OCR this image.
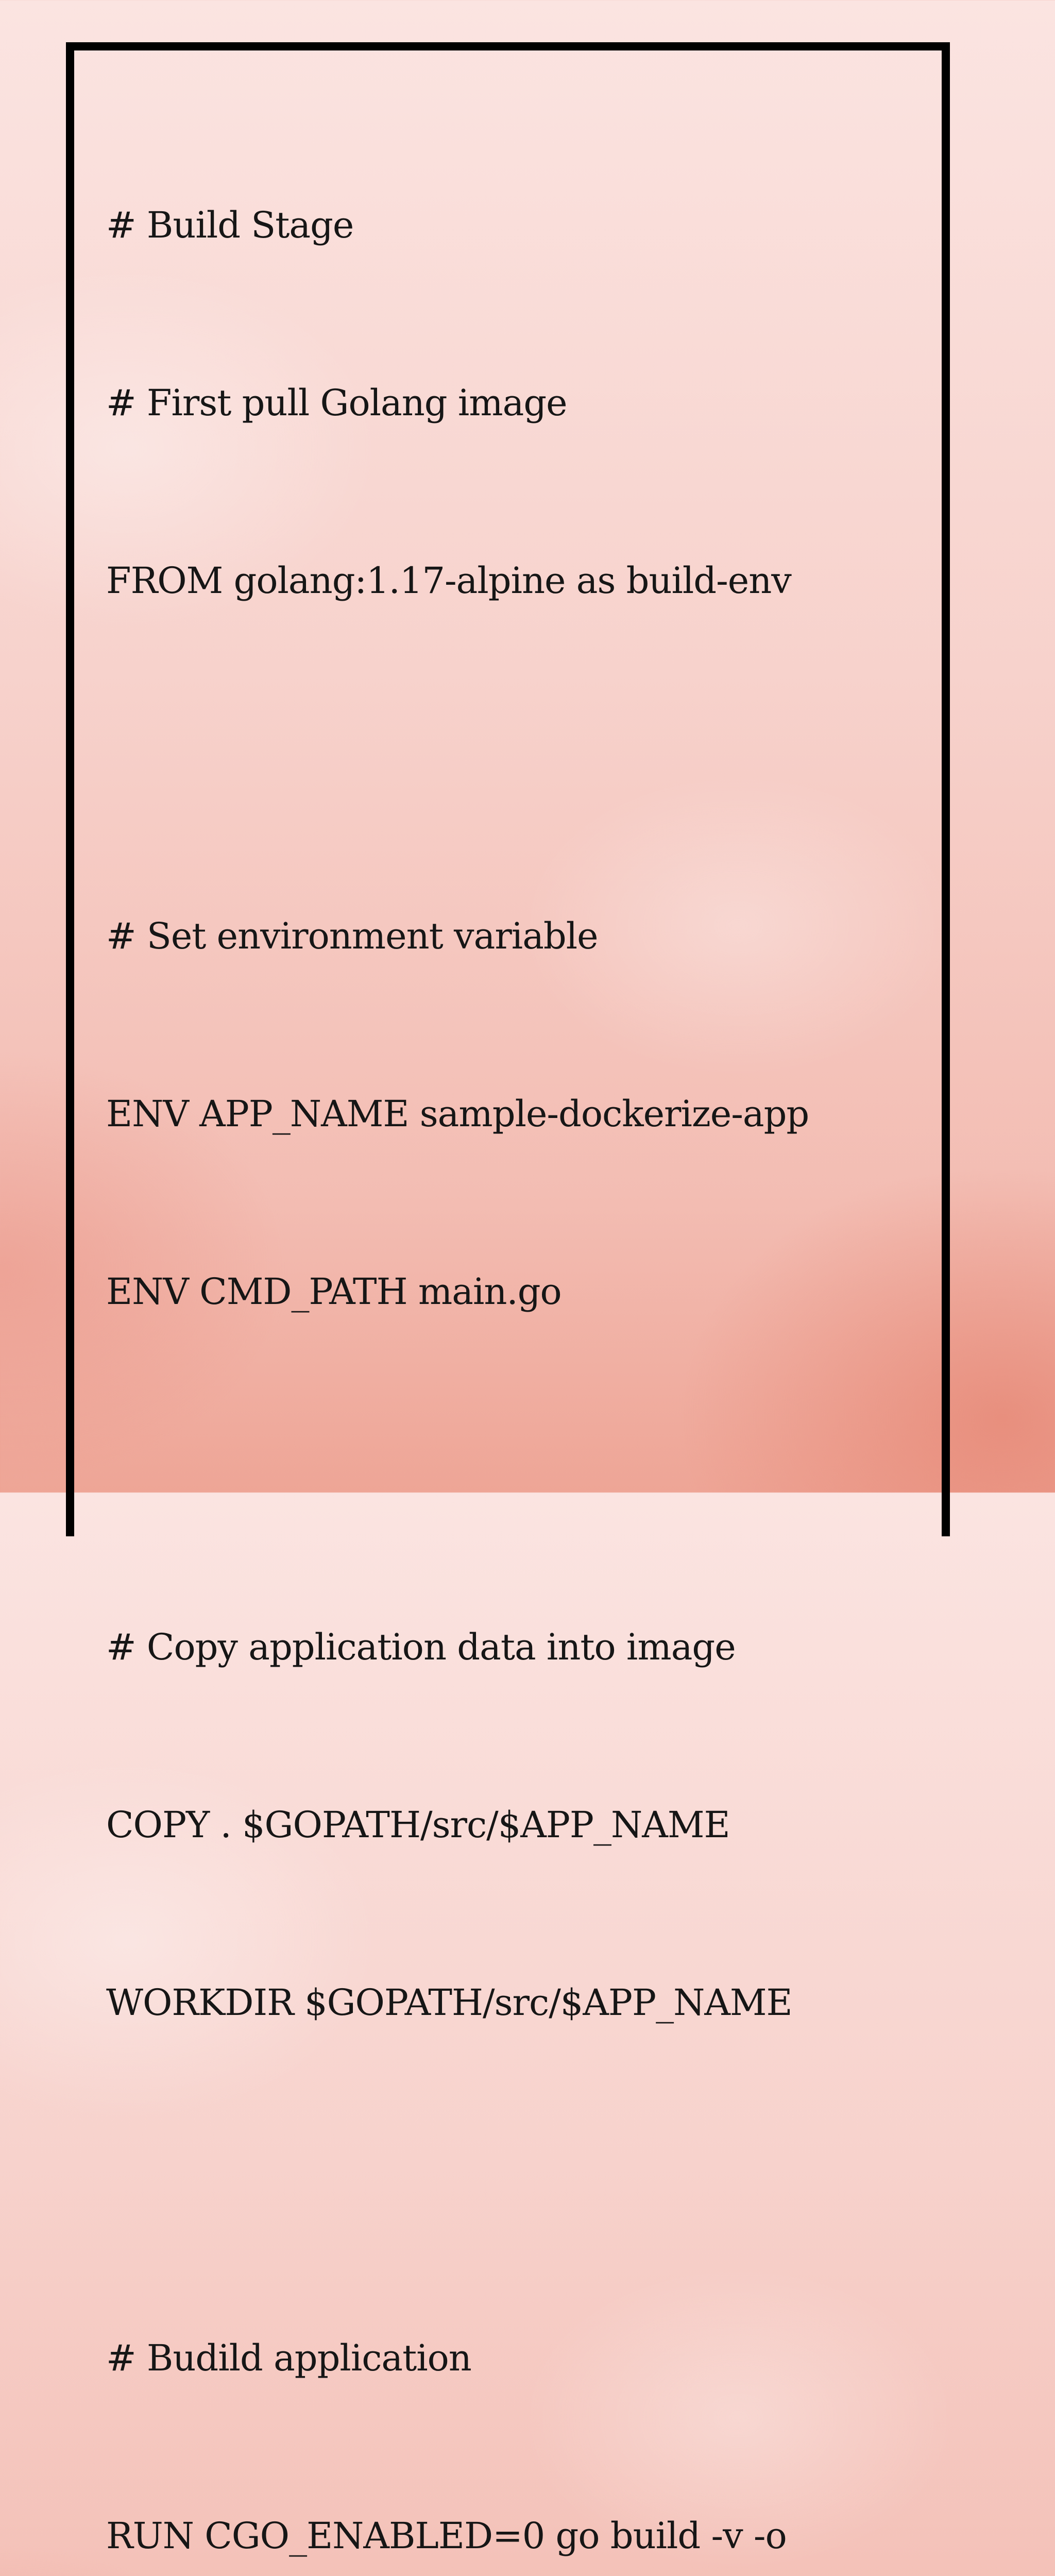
# Build Stage

# First pull Golang image

FROM golang:1.17-alpine as build-env

# Set environment variable

ENV APP_NAME sample-dockerize-app

ENV CMD_PATH main.go

# Copy application data into image

COPY . $GOPATH/src/$APP_NAME

WORKDIR $GOPATH/src/$APP_NAME

# Budild application

RUN CGO_ENABLED=0 go build -v -o
